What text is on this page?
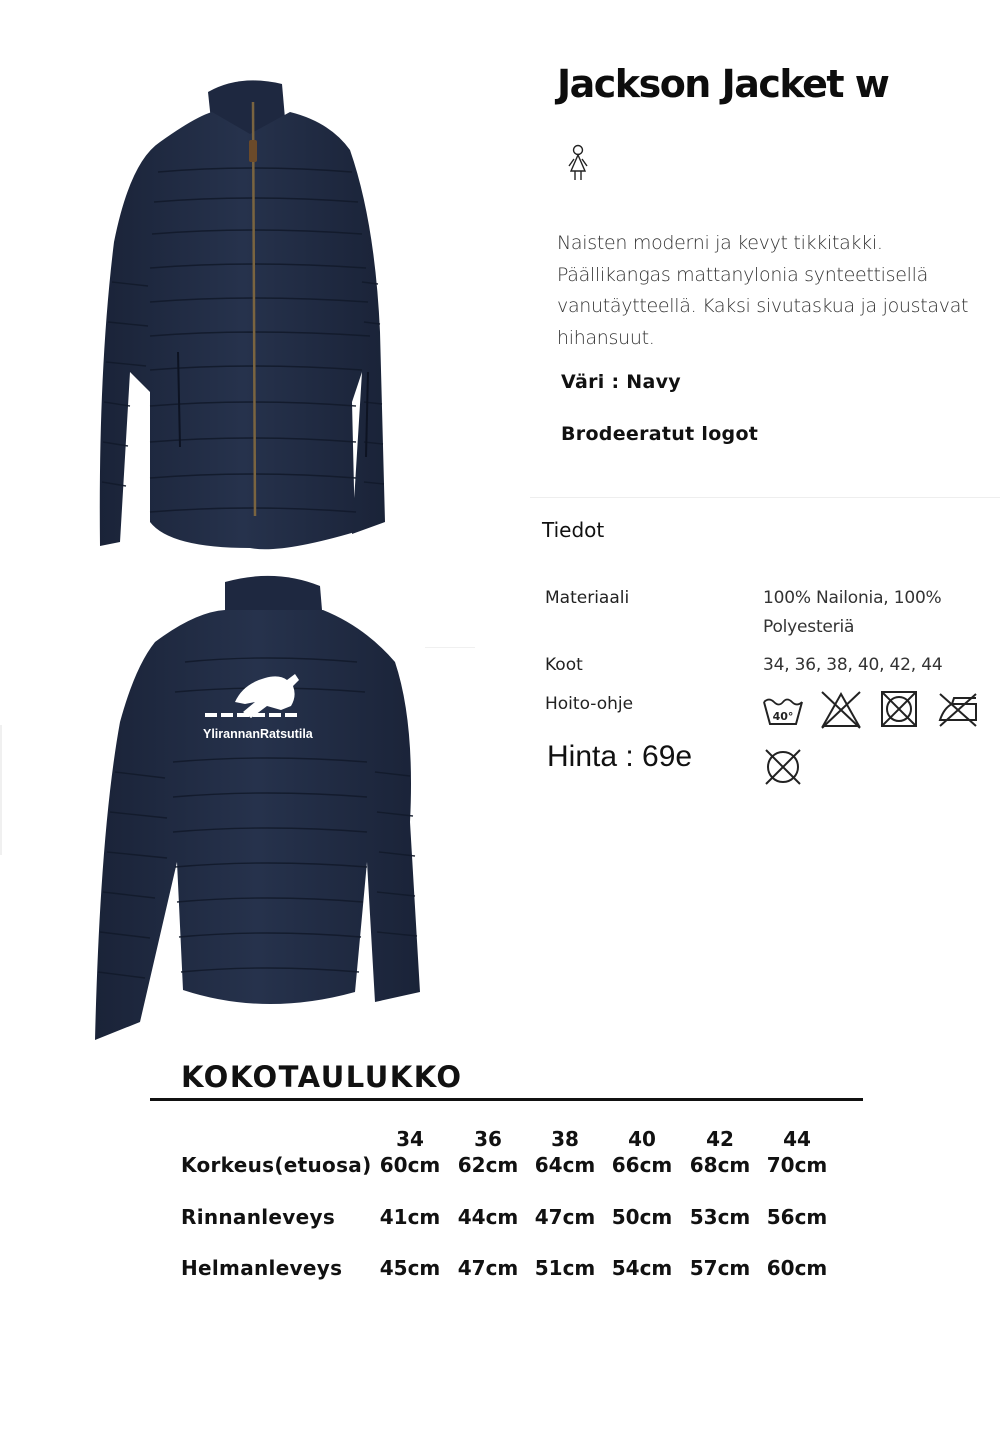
Ylirannan
YlirannanRatsutila
Jackson Jacket w
Naisten moderni ja kevyt tikkitakki. Päällikangas mattanylonia synteettisellä vanutäytteellä. Kaksi sivutaskua ja joustavat hihansuut.
Väri : Navy
Brodeeratut logot
Tiedot
Materiaali	100% Nailonia, 100% Polyesteriä
Koot	34, 36, 38, 40, 42, 44
Hoito-ohje
40°
Hinta : 69e
KOKOTAULUKKO
34	36	38	40	42	44
Korkeus(etuosa) 60cm 62cm 64cm 66cm 68cm 70cm
Rinnanleveys	41cm 44cm 47cm 50cm 53cm 56cm
Helmanleveys	45cm 47cm 51cm 54cm 57cm 60cm
